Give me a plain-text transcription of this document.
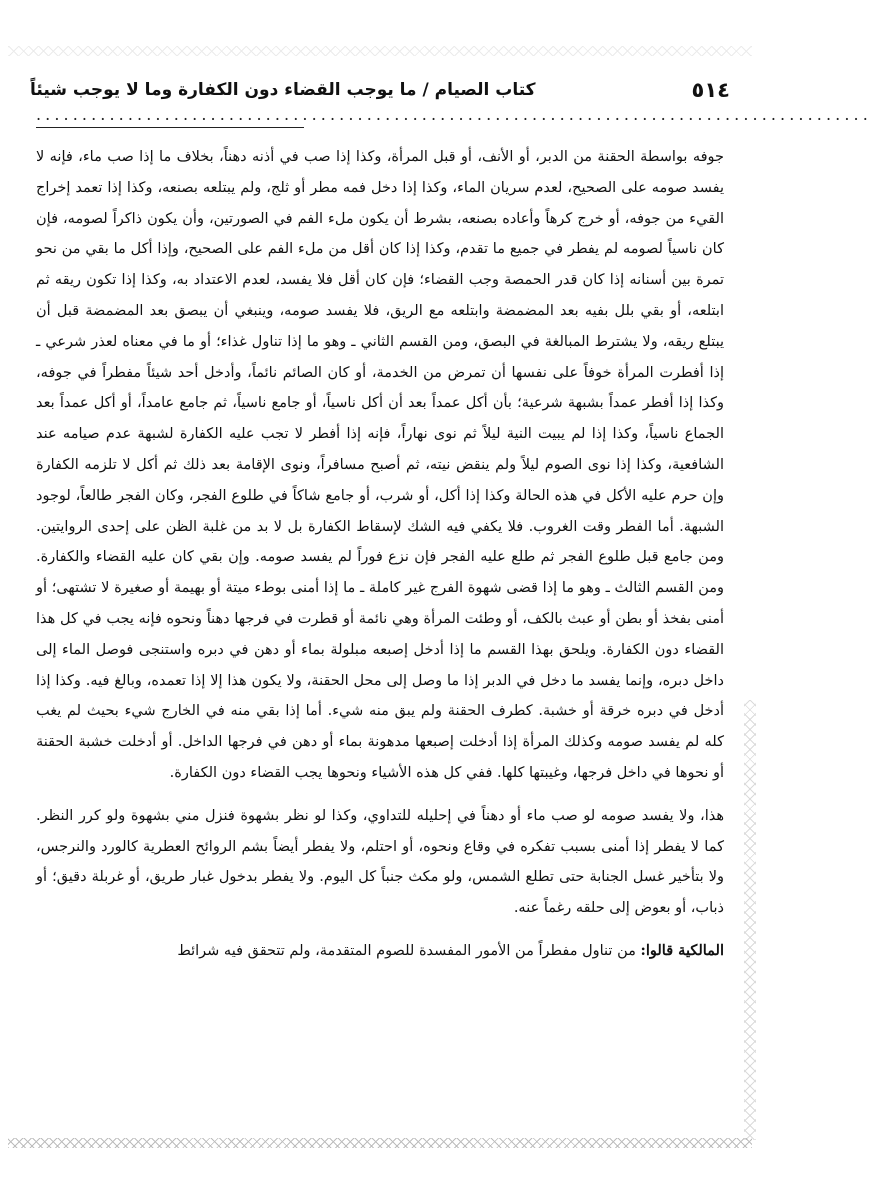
٥١٤
كتاب الصيام / ما يوجب القضاء دون الكفارة وما لا يوجب شيئاً
...........................................................................................

جوفه بواسطة الحقنة من الدبر، أو الأنف، أو قبل المرأة، وكذا إذا صب في أذنه دهناً، بخلاف ما إذا صب ماء، فإنه لا يفسد صومه على الصحيح، لعدم سريان الماء، وكذا إذا دخل فمه مطر أو ثلج، ولم يبتلعه بصنعه، وكذا إذا تعمد إخراج القيء من جوفه، أو خرج كرهاً وأعاده بصنعه، بشرط أن يكون ملء الفم في الصورتين، وأن يكون ذاكراً لصومه، فإن كان ناسياً لصومه لم يفطر في جميع ما تقدم، وكذا إذا كان أقل من ملء الفم على الصحيح، وإذا أكل ما بقي من نحو تمرة بين أسنانه إذا كان قدر الحمصة وجب القضاء؛ فإن كان أقل فلا يفسد، لعدم الاعتداد به، وكذا إذا تكون ريقه ثم ابتلعه، أو بقي بلل بفيه بعد المضمضة وابتلعه مع الريق، فلا يفسد صومه، وينبغي أن يبصق بعد المضمضة قبل أن يبتلع ريقه، ولا يشترط المبالغة في البصق، ومن القسم الثاني ـ وهو ما إذا تناول غذاء؛ أو ما في معناه لعذر شرعي ـ إذا أفطرت المرأة خوفاً على نفسها أن تمرض من الخدمة، أو كان الصائم نائماً، وأدخل أحد شيئاً مفطراً في جوفه، وكذا إذا أفطر عمداً بشبهة شرعية؛ بأن أكل عمداً بعد أن أكل ناسياً، أو جامع ناسياً، ثم جامع عامداً، أو أكل عمداً بعد الجماع ناسياً، وكذا إذا لم يبيت النية ليلاً ثم نوى نهاراً، فإنه إذا أفطر لا تجب عليه الكفارة لشبهة عدم صيامه عند الشافعية، وكذا إذا نوى الصوم ليلاً ولم ينقض نيته، ثم أصبح مسافراً، ونوى الإقامة بعد ذلك ثم أكل لا تلزمه الكفارة وإن حرم عليه الأكل في هذه الحالة وكذا إذا أكل، أو شرب، أو جامع شاكاً في طلوع الفجر، وكان الفجر طالعاً، لوجود الشبهة. أما الفطر وقت الغروب. فلا يكفي فيه الشك لإسقاط الكفارة بل لا بد من غلبة الظن على إحدى الروايتين. ومن جامع قبل طلوع الفجر ثم طلع عليه الفجر فإن نزع فوراً لم يفسد صومه. وإن بقي كان عليه القضاء والكفارة. ومن القسم الثالث ـ وهو ما إذا قضى شهوة الفرج غير كاملة ـ ما إذا أمنى بوطء ميتة أو بهيمة أو صغيرة لا تشتهى؛ أو أمنى بفخذ أو بطن أو عبث بالكف، أو وطئت المرأة وهي نائمة أو قطرت في فرجها دهناً ونحوه فإنه يجب في كل هذا القضاء دون الكفارة. ويلحق بهذا القسم ما إذا أدخل إصبعه مبلولة بماء أو دهن في دبره واستنجى فوصل الماء إلى داخل دبره، وإنما يفسد ما دخل في الدبر إذا ما وصل إلى محل الحقنة، ولا يكون هذا إلا إذا تعمده، وبالغ فيه. وكذا إذا أدخل في دبره خرقة أو خشبة. كطرف الحقنة ولم يبق منه شيء. أما إذا بقي منه في الخارج شيء بحيث لم يغب كله لم يفسد صومه وكذلك المرأة إذا أدخلت إصبعها مدهونة بماء أو دهن في فرجها الداخل. أو أدخلت خشبة الحقنة أو نحوها في داخل فرجها، وغيبتها كلها. ففي كل هذه الأشياء ونحوها يجب القضاء دون الكفارة.

هذا، ولا يفسد صومه لو صب ماء أو دهناً في إحليله للتداوي، وكذا لو نظر بشهوة فنزل مني بشهوة ولو كرر النظر. كما لا يفطر إذا أمنى بسبب تفكره في وقاع ونحوه، أو احتلم، ولا يفطر أيضاً بشم الروائح العطرية كالورد والنرجس، ولا بتأخير غسل الجنابة حتى تطلع الشمس، ولو مكث جنباً كل اليوم. ولا يفطر بدخول غبار طريق، أو غربلة دقيق؛ أو ذباب، أو بعوض إلى حلقه رغماً عنه.

المالكية قالوا: من تناول مفطراً من الأمور المفسدة للصوم المتقدمة، ولم تتحقق فيه شرائط
